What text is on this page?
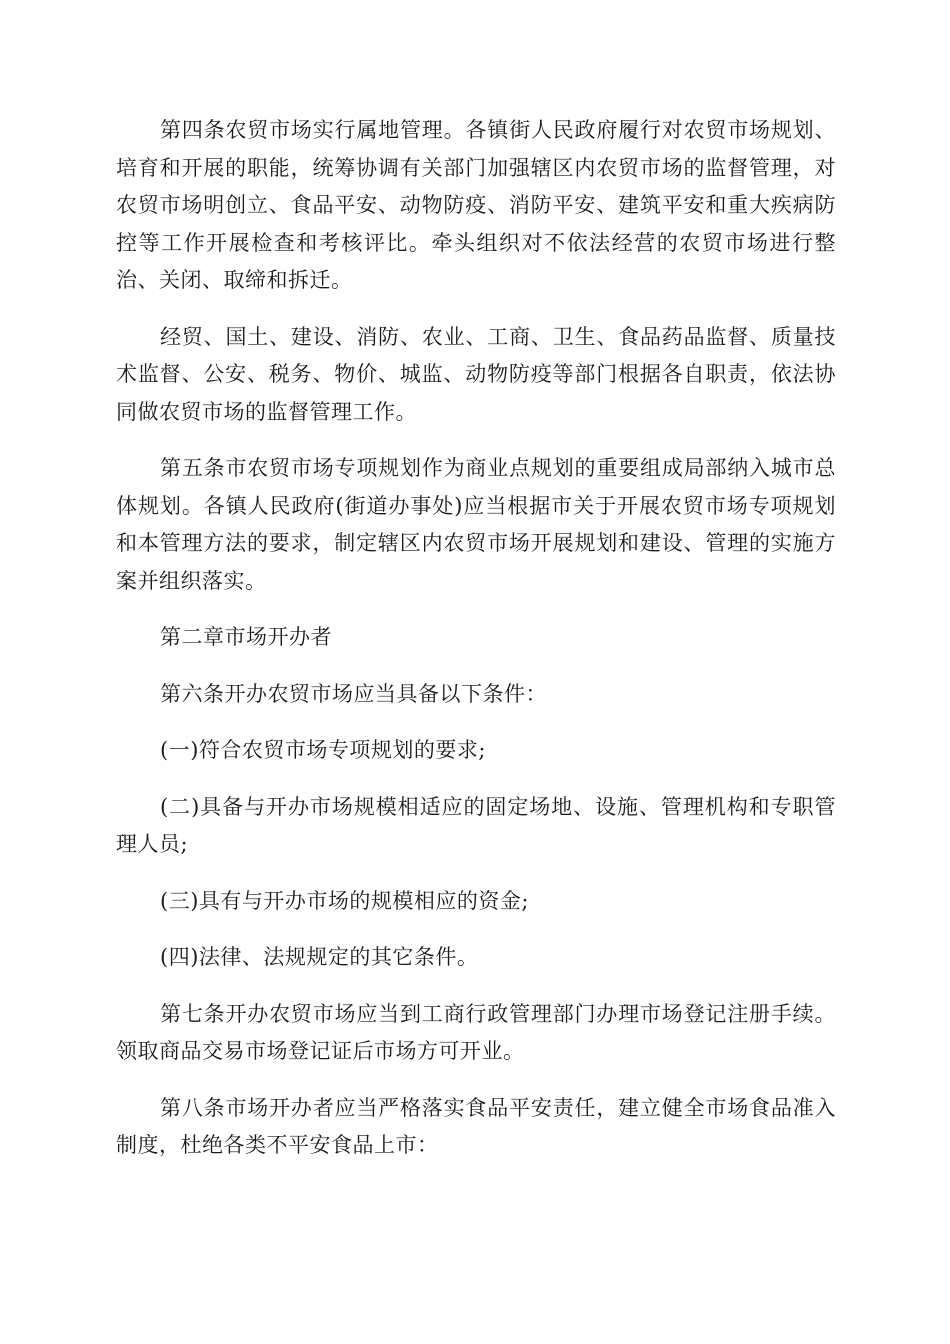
第四条农贸市场实行属地管理。各镇街人民政府履行对农贸市场规划、培育和开展的职能，统筹协调有关部门加强辖区内农贸市场的监督管理，对农贸市场明创立、食品平安、动物防疫、消防平安、建筑平安和重大疾病防控等工作开展检查和考核评比。牵头组织对不依法经营的农贸市场进行整治、关闭、取缔和拆迁。

经贸、国土、建设、消防、农业、工商、卫生、食品药品监督、质量技术监督、公安、税务、物价、城监、动物防疫等部门根据各自职责，依法协同做农贸市场的监督管理工作。

第五条市农贸市场专项规划作为商业点规划的重要组成局部纳入城市总体规划。各镇人民政府(街道办事处)应当根据市关于开展农贸市场专项规划和本管理方法的要求，制定辖区内农贸市场开展规划和建设、管理的实施方案并组织落实。

第二章市场开办者

第六条开办农贸市场应当具备以下条件：

(一)符合农贸市场专项规划的要求;

(二)具备与开办市场规模相适应的固定场地、设施、管理机构和专职管理人员;

(三)具有与开办市场的规模相应的资金;

(四)法律、法规规定的其它条件。

第七条开办农贸市场应当到工商行政管理部门办理市场登记注册手续。领取商品交易市场登记证后市场方可开业。

第八条市场开办者应当严格落实食品平安责任，建立健全市场食品准入制度，杜绝各类不平安食品上市：
